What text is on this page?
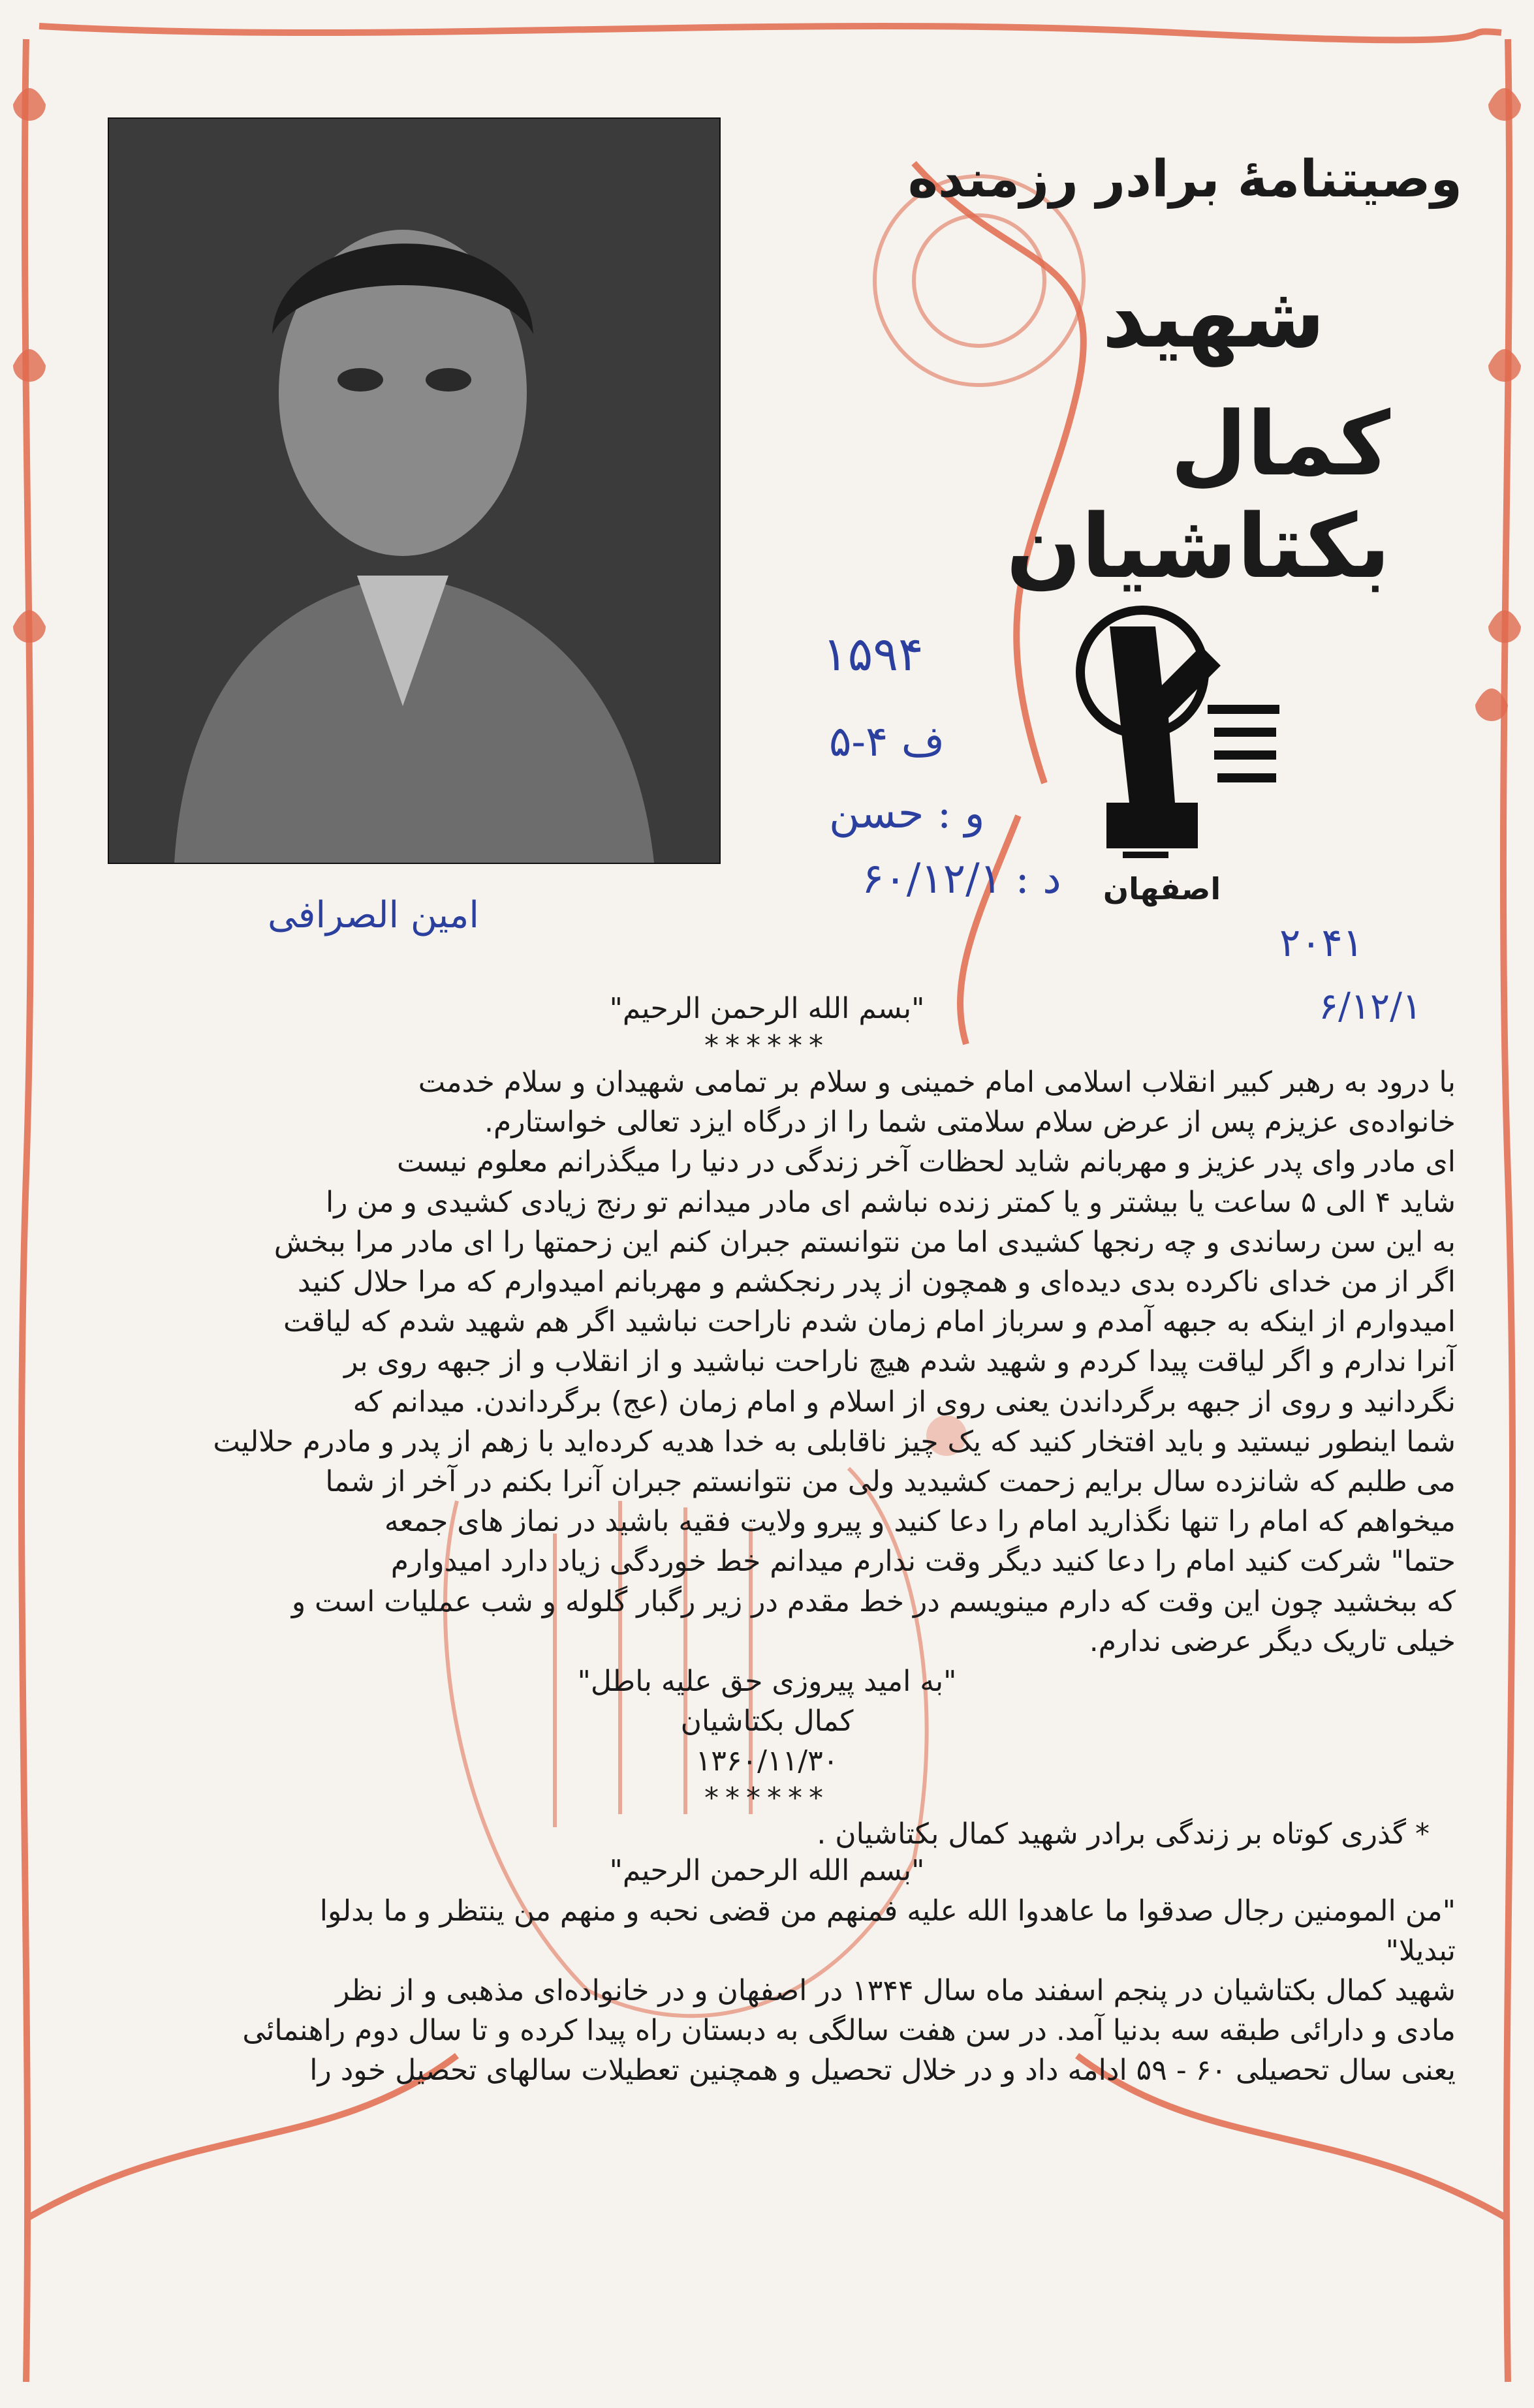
وصیتنامهٔ برادر رزمنده

شهید

کمال بکتاشیان

اصفهان
۱۵۹۴
ف ۴-۵
و : حسن
د : ۶۰/۱۲/۱
امین الصرافی
۲۰۴۱
۶/۱۲/۱

"بسم الله الرحمن الرحیم"

******

با درود به رهبر کبیر انقلاب اسلامی امام خمینی و سلام بر تمامی شهیدان و سلام خدمت

خانواده‌ی عزیزم پس از عرض سلام سلامتی شما را از درگاه ایزد تعالی خواستارم.

ای مادر وای پدر عزیز و مهربانم شاید لحظات آخر زندگی در دنیا را میگذرانم معلوم نیست

شاید ۴ الی ۵ ساعت یا بیشتر و یا کمتر زنده نباشم ای مادر میدانم تو رنج زیادی کشیدی و من را

به این سن رساندی و چه رنجها کشیدی اما من نتوانستم جبران کنم این زحمتها را ای مادر مرا ببخش

اگر از من خدای ناکرده بدی دیده‌ای و همچون از پدر رنجکشم و مهربانم امیدوارم که مرا حلال کنید

امیدوارم از اینکه به جبهه آمدم و سرباز امام زمان شدم ناراحت نباشید اگر هم شهید شدم که لیاقت

آنرا ندارم و اگر لیاقت پیدا کردم و شهید شدم هیچ ناراحت نباشید و از انقلاب و از جبهه روی بر

نگردانید و روی از جبهه برگرداندن یعنی روی از اسلام و امام زمان (عج) برگرداندن. میدانم که

شما اینطور نیستید و باید افتخار کنید که یک چیز ناقابلی به خدا هدیه کرده‌اید با زهم از پدر و مادرم حلالیت

می طلبم که شانزده سال برایم زحمت کشیدید ولی من نتوانستم جبران آنرا بکنم در آخر از شما

میخواهم که امام را تنها نگذارید امام را دعا کنید و پیرو ولایت فقیه باشید در نماز های جمعه

حتما" شرکت کنید امام را دعا کنید دیگر وقت ندارم میدانم خط خوردگی زیاد دارد امیدوارم

که ببخشید چون این وقت که دارم مینویسم در خط مقدم در زیر رگبار گلوله و شب عملیات است و

خیلی تاریک دیگر عرضی ندارم.

"به امید پیروزی حق علیه باطل"

کمال بکتاشیان

۱۳۶۰/۱۱/۳۰

******

* گذری کوتاه بر زندگی برادر شهید کمال بکتاشیان .

"بسم الله الرحمن الرحیم"

"من المومنین رجال صدقوا ما عاهدوا الله علیه فمنهم من قضی نحبه و منهم من ینتظر و ما بدلوا

تبدیلا"

شهید کمال بکتاشیان در پنجم اسفند ماه سال ۱۳۴۴ در اصفهان و در خانواده‌ای مذهبی و از نظر

مادی و دارائی طبقه سه بدنیا آمد. در سن هفت سالگی به دبستان راه پیدا کرده و تا سال دوم راهنمائی

یعنی سال تحصیلی ۶۰ - ۵۹ ادامه داد و در خلال تحصیل و همچنین تعطیلات سالهای تحصیل خود را
